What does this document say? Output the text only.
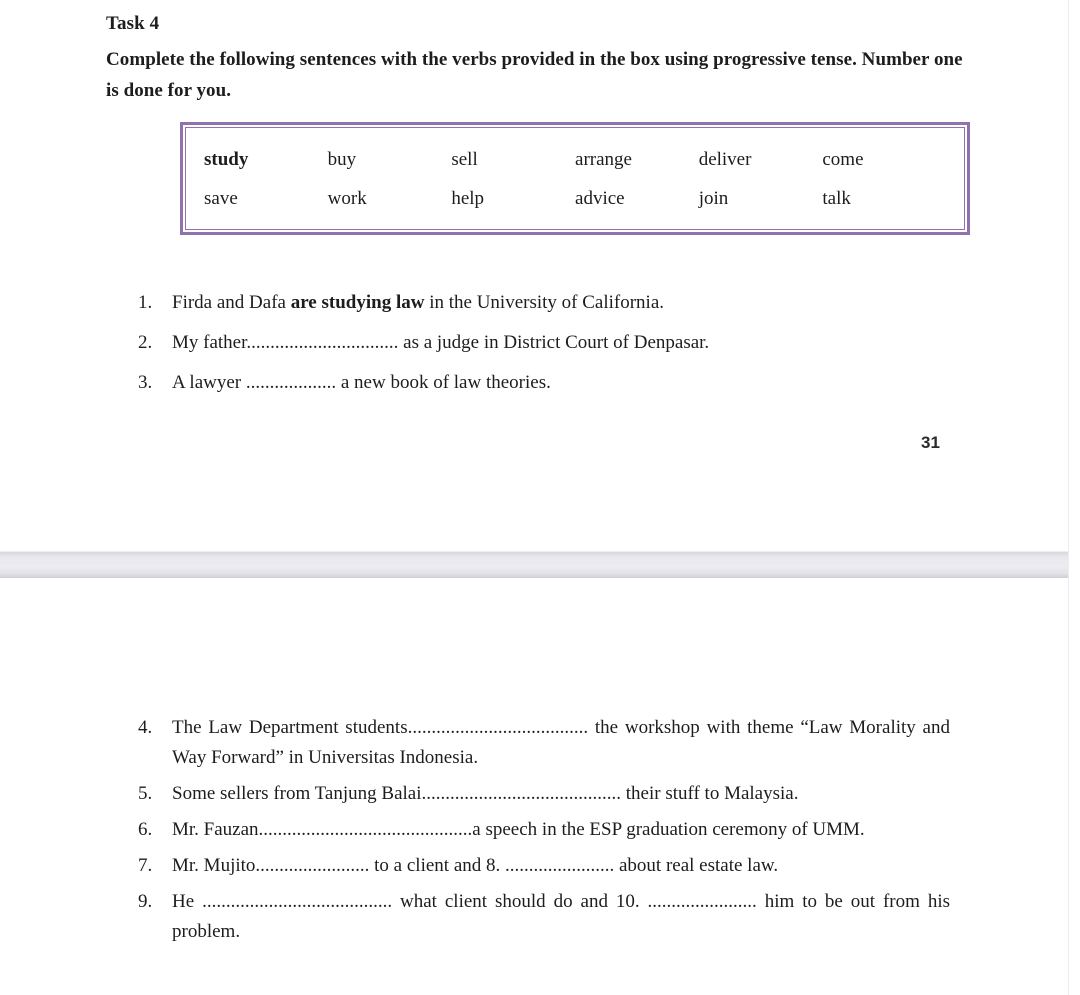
Task 4
Complete the following sentences with the verbs provided in the box using progressive tense. Number one is done for you.
study	buy	sell	arrange	deliver	come
save	work	help	advice	join	talk
1.	Firda and Dafa are studying law in the University of California.
2.	My father................................ as a judge in District Court of Denpasar.
3.	A lawyer ................... a new book of law theories.
31
4.	The Law Department students...................................... the workshop with theme “Law Morality and Way Forward” in Universitas Indonesia.
5.	Some sellers from Tanjung Balai.......................................... their stuff to Malaysia.
6.	Mr. Fauzan.............................................a speech in the ESP graduation ceremony of UMM.
7.	Mr. Mujito........................ to a client and 8. ....................... about real estate law.
9.	He ........................................ what client should do and 10. ....................... him to be out from his problem.
